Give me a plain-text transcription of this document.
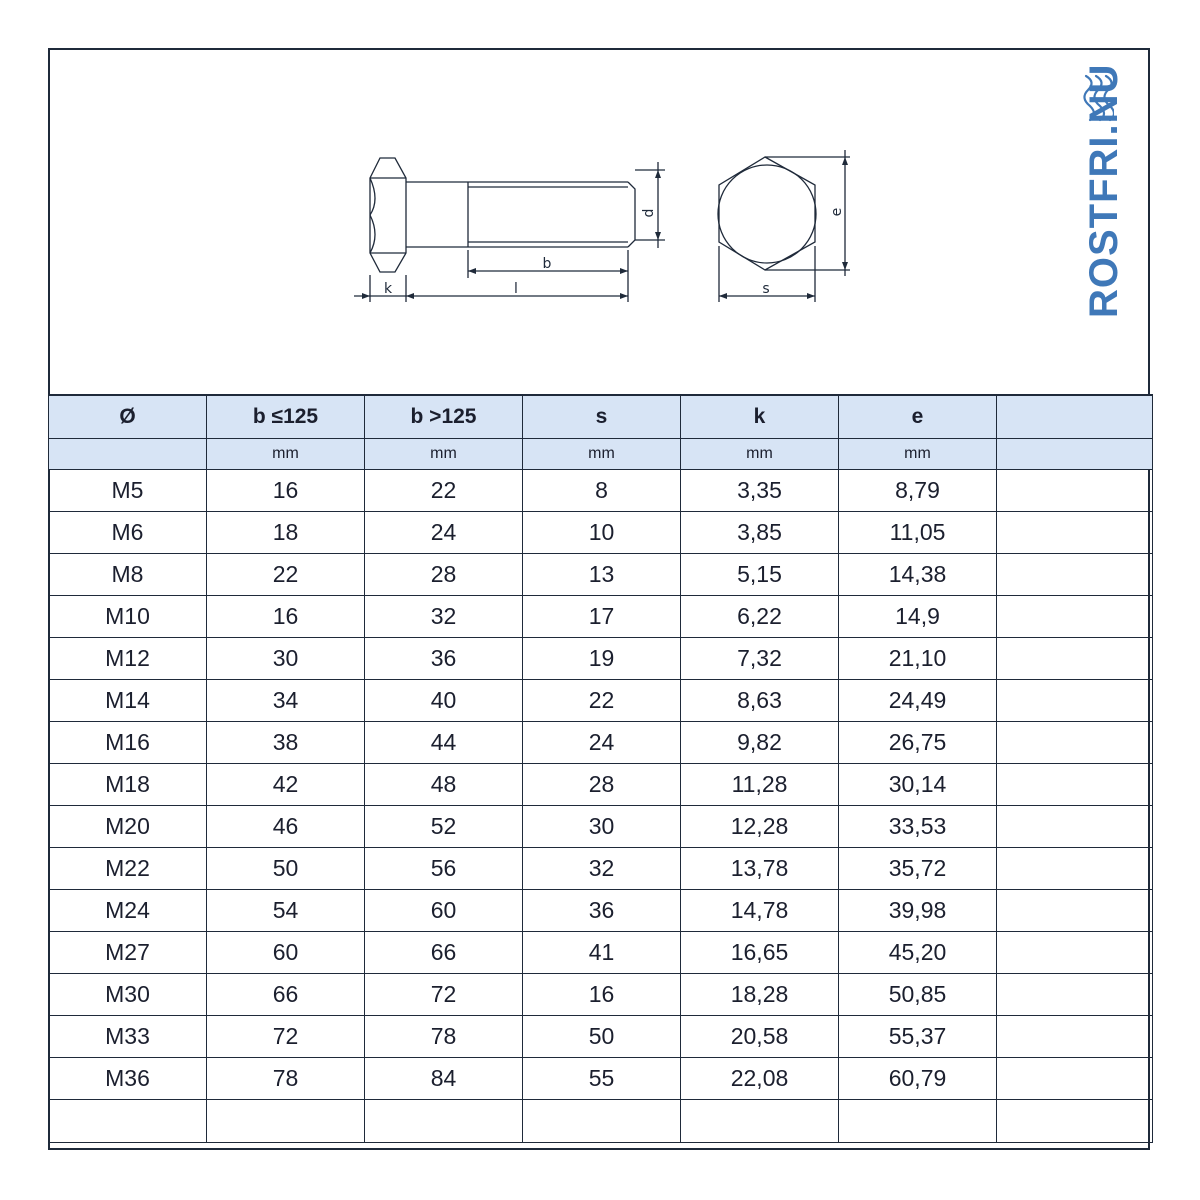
k	l
b
s
d	e	ROSTFRI.NU
Ø	b ≤125	b >125	s	k	e	
	mm	mm	mm	mm	mm	
M5	16	22	8	3,35	8,79	
M6	18	24	10	3,85	11,05	
M8	22	28	13	5,15	14,38	
M10	16	32	17	6,22	14,9	
M12	30	36	19	7,32	21,10	
M14	34	40	22	8,63	24,49	
M16	38	44	24	9,82	26,75	
M18	42	48	28	11,28	30,14	
M20	46	52	30	12,28	33,53	
M22	50	56	32	13,78	35,72	
M24	54	60	36	14,78	39,98	
M27	60	66	41	16,65	45,20	
M30	66	72	16	18,28	50,85	
M33	72	78	50	20,58	55,37	
M36	78	84	55	22,08	60,79	
